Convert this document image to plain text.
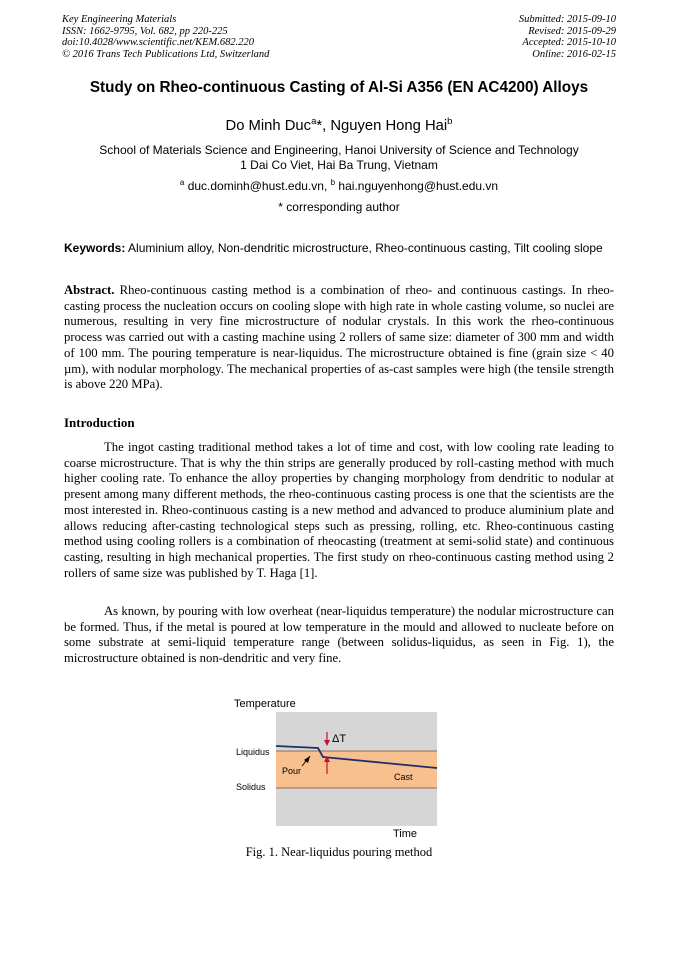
Key Engineering Materials
ISSN: 1662-9795, Vol. 682, pp 220-225
doi:10.4028/www.scientific.net/KEM.682.220
© 2016 Trans Tech Publications Ltd, Switzerland
Submitted: 2015-09-10
Revised: 2015-09-29
Accepted: 2015-10-10
Online: 2016-02-15
Study on Rheo-continuous Casting of Al-Si A356 (EN AC4200) Alloys
Do Minh Duc$^a$*, Nguyen Hong Hai$^b$
School of Materials Science and Engineering, Hanoi University of Science and Technology
1 Dai Co Viet, Hai Ba Trung, Vietnam
$^a$ duc.dominh@hust.edu.vn, $^b$ hai.nguyenhong@hust.edu.vn
* corresponding author
Keywords: Aluminium alloy, Non-dendritic microstructure, Rheo-continuous casting, Tilt cooling slope
Abstract. Rheo-continuous casting method is a combination of rheo- and continuous castings. In rheo-casting process the nucleation occurs on cooling slope with high rate in whole casting volume, so nuclei are numerous, resulting in very fine microstructure of nodular crystals. In this work the rheo-continuous process was carried out with a casting machine using 2 rollers of same size: diameter of 300 mm and width of 100 mm. The pouring temperature is near-liquidus. The microstructure obtained is fine (grain size < 40 µm), with nodular morphology. The mechanical properties of as-cast samples were high (the tensile strength is above 220 MPa).
Introduction
The ingot casting traditional method takes a lot of time and cost, with low cooling rate leading to coarse microstructure. That is why the thin strips are generally produced by roll-casting method with much higher cooling rate. To enhance the alloy properties by changing morphology from dendritic to nodular at present among many different methods, the rheo-continuous casting process is one that the scientists are the most interested in. Rheo-continuous casting is a new method and advanced to produce aluminium plate and allows reducing after-casting technological steps such as pressing, rolling, etc. Rheo-continuous casting method using cooling rollers is a combination of rheocasting (treatment at semi-solid state) and continuous casting, resulting in high mechanical properties. The first study on rheo-continuous casting method using 2 rollers of same size was published by T. Haga [1].
As known, by pouring with low overheat (near-liquidus temperature) the nodular microstructure can be formed. Thus, if the metal is poured at low temperature in the mould and allowed to nucleate before on some substrate at semi-liquid temperature range (between solidus-liquidus, as seen in Fig. 1), the microstructure obtained is non-dendritic and very fine.
Temperature
Liquidus
Solidus
Pour
Cast
ΔT
Time
Fig. 1. Near-liquidus pouring method
